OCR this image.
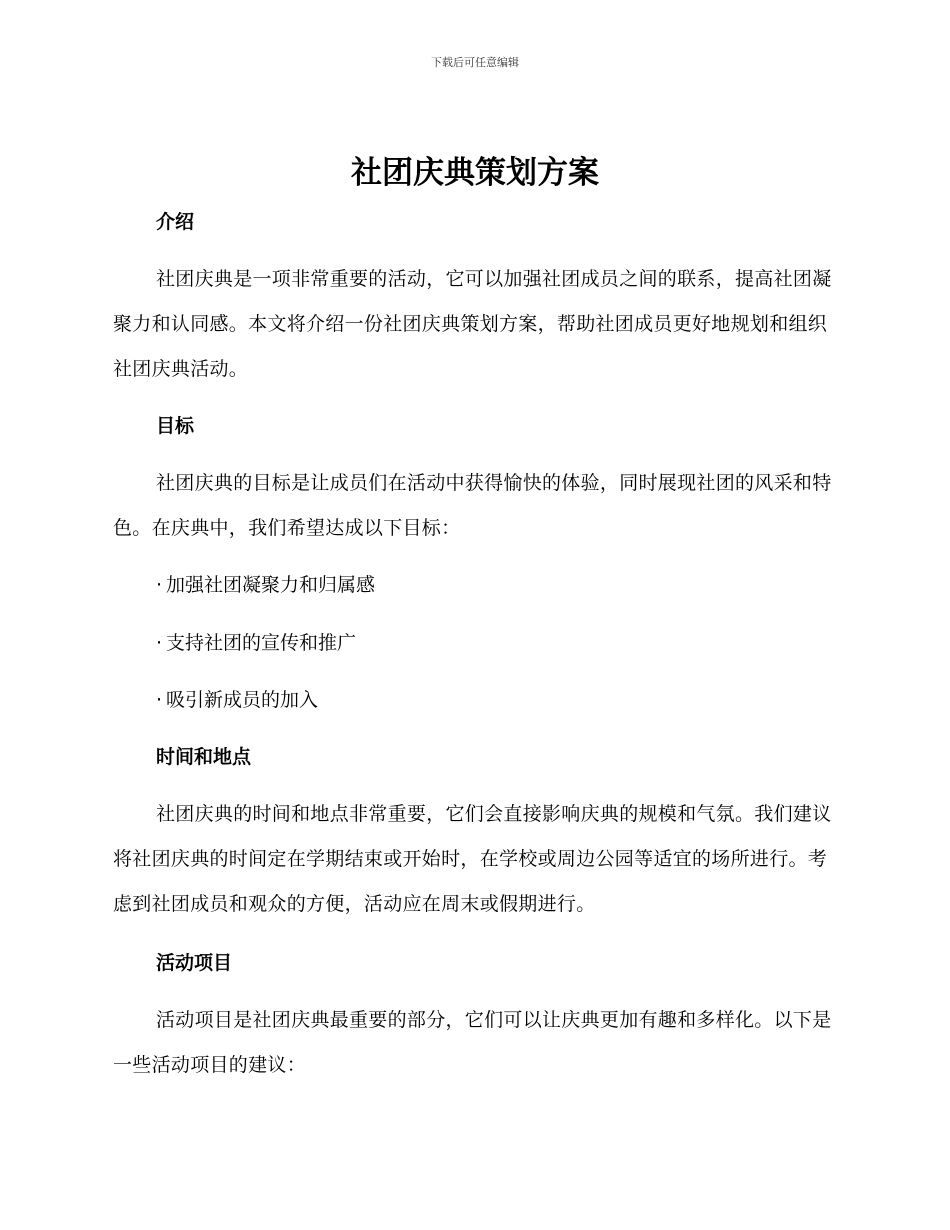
下载后可任意编辑
社团庆典策划方案
介绍

社团庆典是一项非常重要的活动，它可以加强社团成员之间的联系，提高社团凝聚力和认同感。本文将介绍一份社团庆典策划方案，帮助社团成员更好地规划和组织社团庆典活动。

目标

社团庆典的目标是让成员们在活动中获得愉快的体验，同时展现社团的风采和特色。在庆典中，我们希望达成以下目标：

· 加强社团凝聚力和归属感
· 支持社团的宣传和推广
· 吸引新成员的加入
时间和地点

社团庆典的时间和地点非常重要，它们会直接影响庆典的规模和气氛。我们建议将社团庆典的时间定在学期结束或开始时，在学校或周边公园等适宜的场所进行。考虑到社团成员和观众的方便，活动应在周末或假期进行。

活动项目

活动项目是社团庆典最重要的部分，它们可以让庆典更加有趣和多样化。以下是一些活动项目的建议：
